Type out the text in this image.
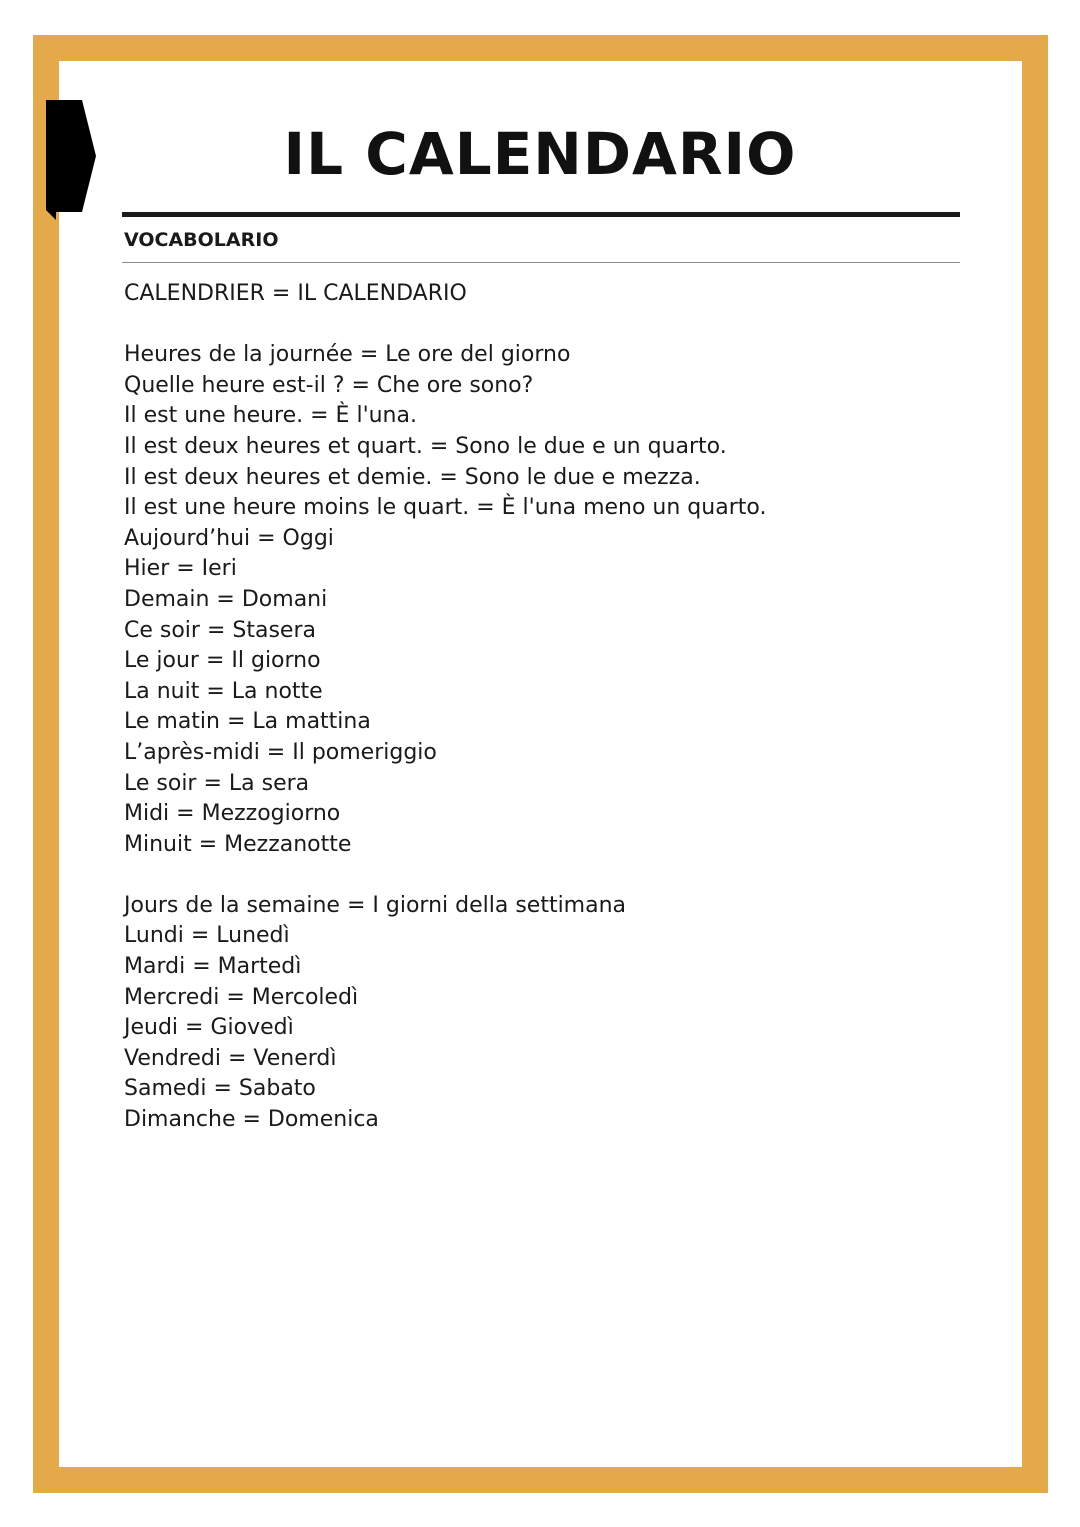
IL CALENDARIO
VOCABOLARIO
CALENDRIER = IL CALENDARIO
Heures de la journée = Le ore del giorno
Quelle heure est-il ? = Che ore sono?
Il est une heure. = È l'una.
Il est deux heures et quart. = Sono le due e un quarto.
Il est deux heures et demie. = Sono le due e mezza.
Il est une heure moins le quart. = È l'una meno un quarto.
Aujourd’hui = Oggi
Hier = Ieri
Demain = Domani
Ce soir = Stasera
Le jour = Il giorno
La nuit = La notte
Le matin = La mattina
L’après-midi = Il pomeriggio
Le soir = La sera
Midi = Mezzogiorno
Minuit = Mezzanotte
Jours de la semaine = I giorni della settimana
Lundi = Lunedì
Mardi = Martedì
Mercredi = Mercoledì
Jeudi = Giovedì
Vendredi = Venerdì
Samedi = Sabato
Dimanche = Domenica
